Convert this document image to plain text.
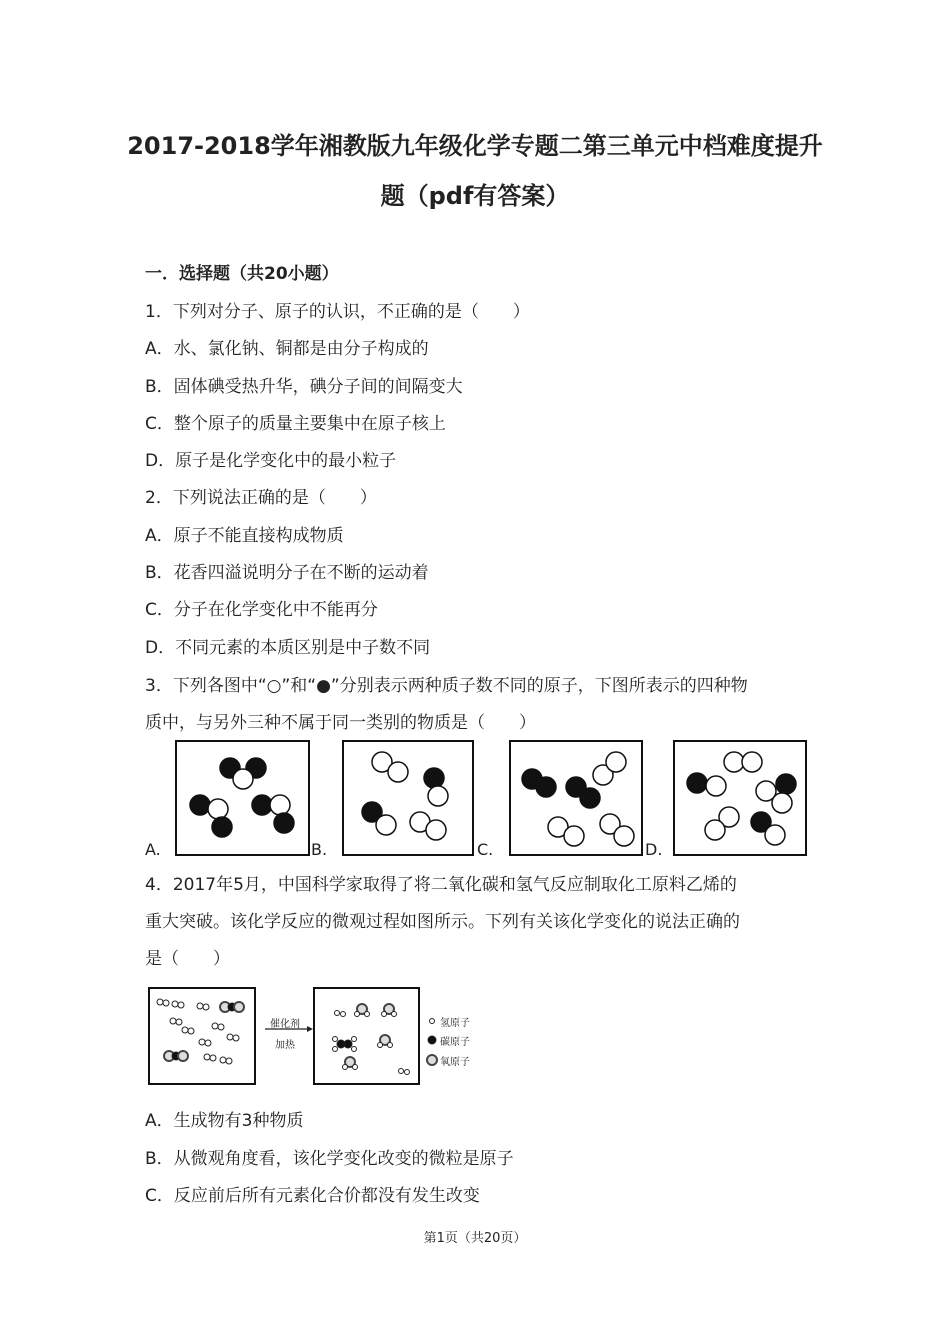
2017-2018学年湘教版九年级化学专题二第三单元中档难度提升
题（pdf有答案）
一．选择题（共20小题）
1．下列对分子、原子的认识，不正确的是（　　）
A．水、氯化钠、铜都是由分子构成的
B．固体碘受热升华，碘分子间的间隔变大
C．整个原子的质量主要集中在原子核上
D．原子是化学变化中的最小粒子
2．下列说法正确的是（　　）
A．原子不能直接构成物质
B．花香四溢说明分子在不断的运动着
C．分子在化学变化中不能再分
D．不同元素的本质区别是中子数不同
3．下列各图中“○”和“●”分别表示两种质子数不同的原子，下图所表示的四种物
质中，与另外三种不属于同一类别的物质是（　　）
A.	B.	C.	D.
4．2017年5月，中国科学家取得了将二氧化碳和氢气反应制取化工原料乙烯的
重大突破。该化学反应的微观过程如图所示。下列有关该化学变化的说法正确的
是（　　）
催化剂
加热
氢原子
碳原子
氧原子
A．生成物有3种物质
B．从微观角度看，该化学变化改变的微粒是原子
C．反应前后所有元素化合价都没有发生改变
第1页（共20页）
